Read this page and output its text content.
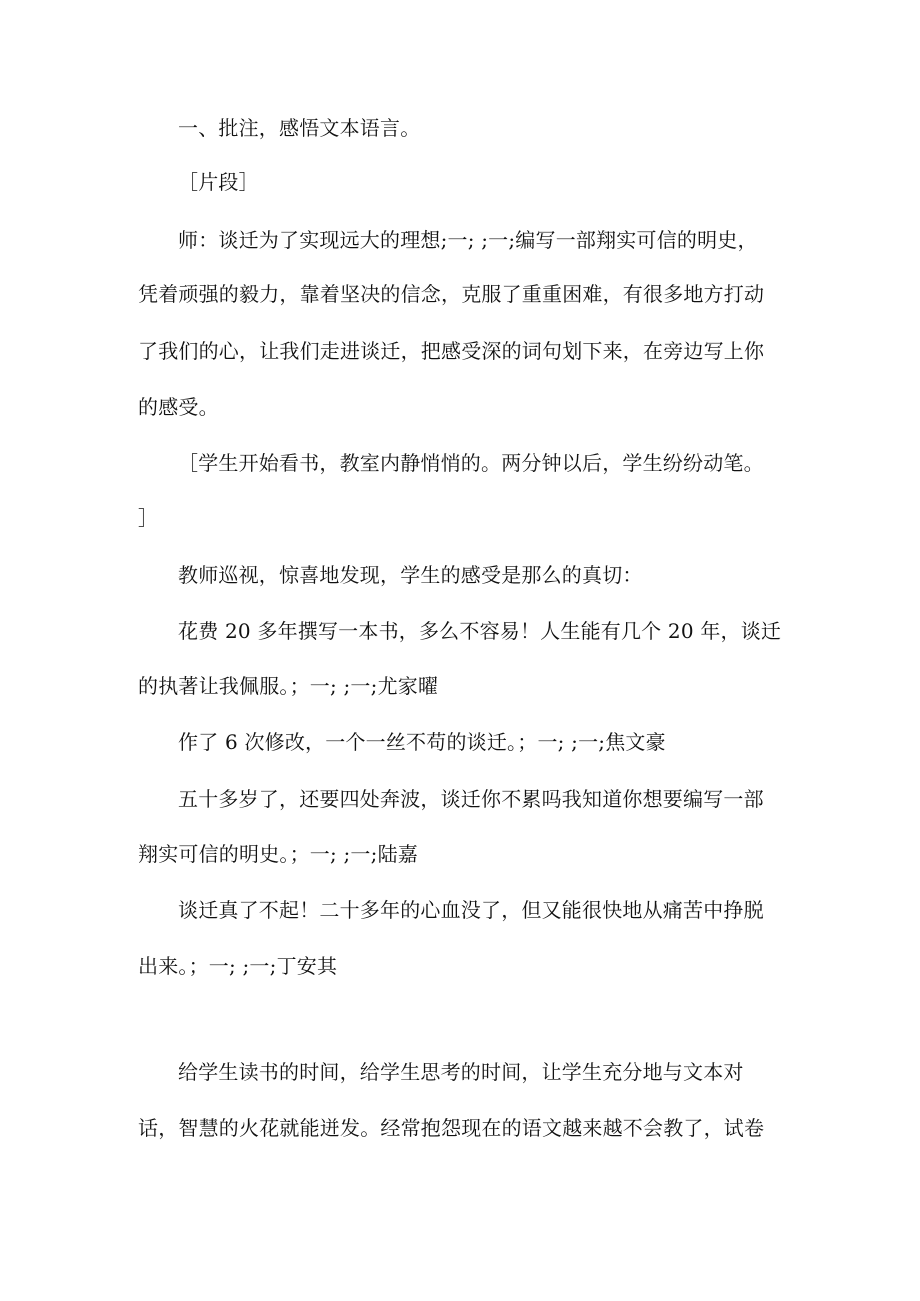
一、批注，感悟文本语言。
［片段］
师：谈迁为了实现远大的理想;一; ;一;编写一部翔实可信的明史，
凭着顽强的毅力，靠着坚决的信念，克服了重重困难，有很多地方打动
了我们的心，让我们走进谈迁，把感受深的词句划下来，在旁边写上你
的感受。
［学生开始看书，教室内静悄悄的。两分钟以后，学生纷纷动笔。
］
教师巡视，惊喜地发现，学生的感受是那么的真切：
花费 20 多年撰写一本书，多么不容易！人生能有几个 20 年，谈迁
的执著让我佩服。；一; ;一;尤家曜
作了 6 次修改，一个一丝不苟的谈迁。；一; ;一;焦文豪
五十多岁了，还要四处奔波，谈迁你不累吗我知道你想要编写一部
翔实可信的明史。；一; ;一;陆嘉
谈迁真了不起！二十多年的心血没了，但又能很快地从痛苦中挣脱
出来。；一; ;一;丁安其
给学生读书的时间，给学生思考的时间，让学生充分地与文本对
话，智慧的火花就能迸发。经常抱怨现在的语文越来越不会教了，试卷
